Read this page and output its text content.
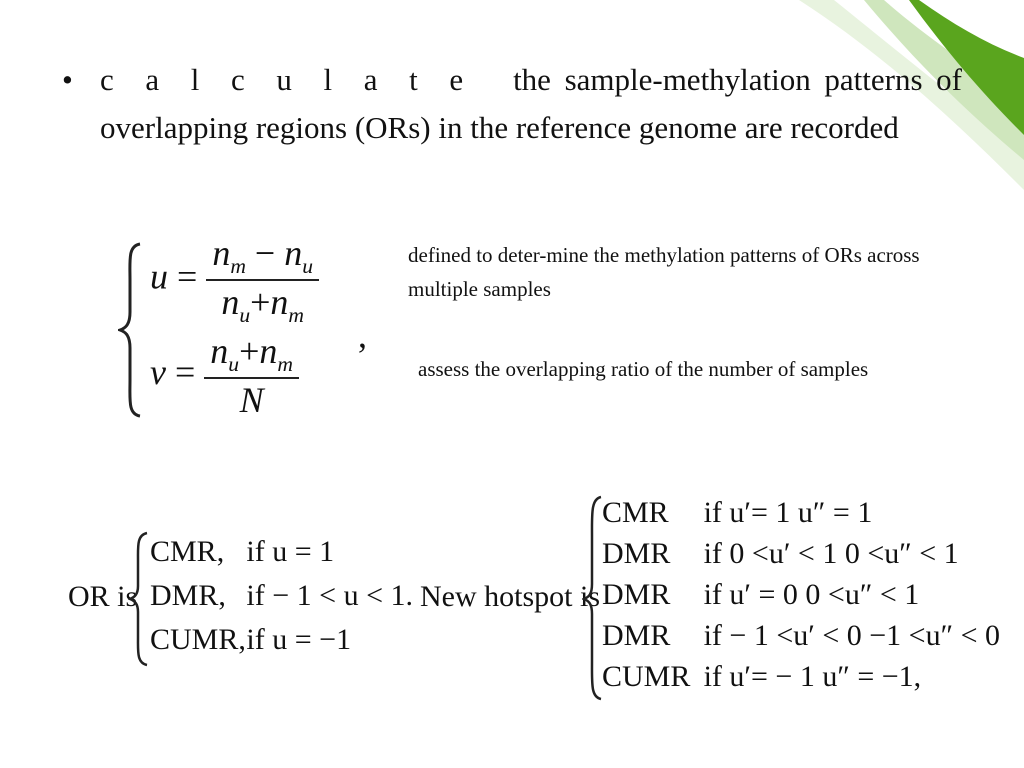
• c a l c u l a t e the sample-methylation patterns of overlapping regions (ORs) in the reference genome are recorded
$u = \frac{n_m - n_u}{n_u+n_m}$
$v = \frac{n_u+n_m}{N}$ ,
defined to deter-mine the methylation patterns of ORs across multiple samples
assess the overlapping ratio of the number of samples
OR is
CMR,	if u = 1
DMR,	if − 1 < u < 1.
CUMR,	if u = −1
New hotspot is
CMR	if u′= 1 u″ = 1
DMR	if 0 <u′ < 1 0 <u″ < 1
DMR	if u′ = 0 0 <u″ < 1
DMR	if − 1 <u′ < 0 −1 <u″ < 0
CUMR	if u′= − 1 u″ = −1,
